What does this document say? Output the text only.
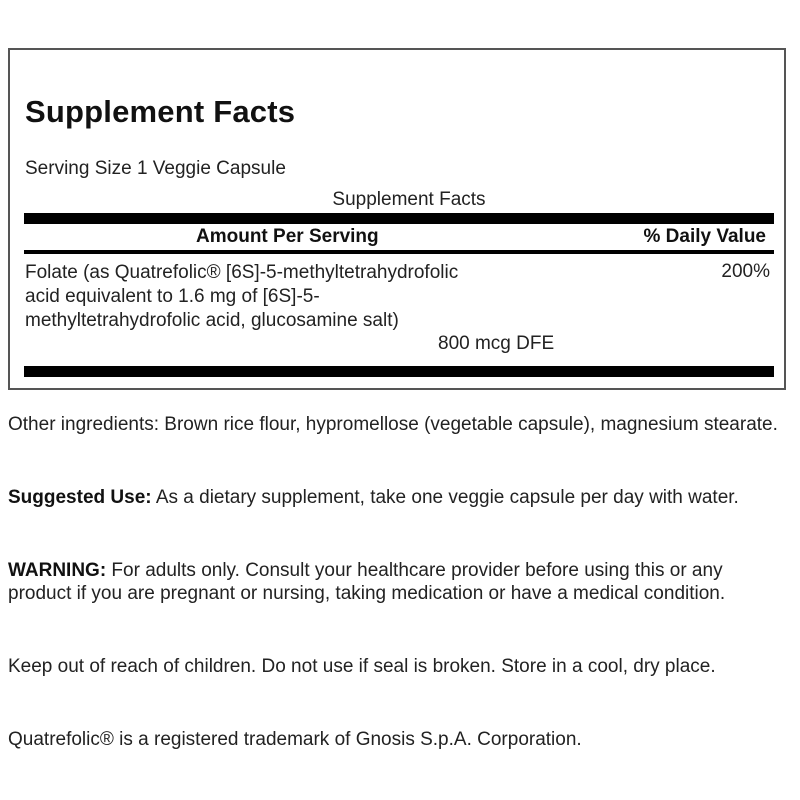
Supplement Facts
Serving Size 1 Veggie Capsule
Supplement Facts
Amount Per Serving	% Daily Value
Folate (as Quatrefolic® [6S]-5-methyltetrahydrofolic
acid equivalent to 1.6 mg of [6S]-5-
methyltetrahydrofolic acid, glucosamine salt)
800 mcg DFE
200%
Other ingredients: Brown rice flour, hypromellose (vegetable capsule), magnesium stearate.
Suggested Use: As a dietary supplement, take one veggie capsule per day with water.
WARNING: For adults only. Consult your healthcare provider before using this or any product if you are pregnant or nursing, taking medication or have a medical condition.
Keep out of reach of children. Do not use if seal is broken. Store in a cool, dry place.
Quatrefolic® is a registered trademark of Gnosis S.p.A. Corporation.
